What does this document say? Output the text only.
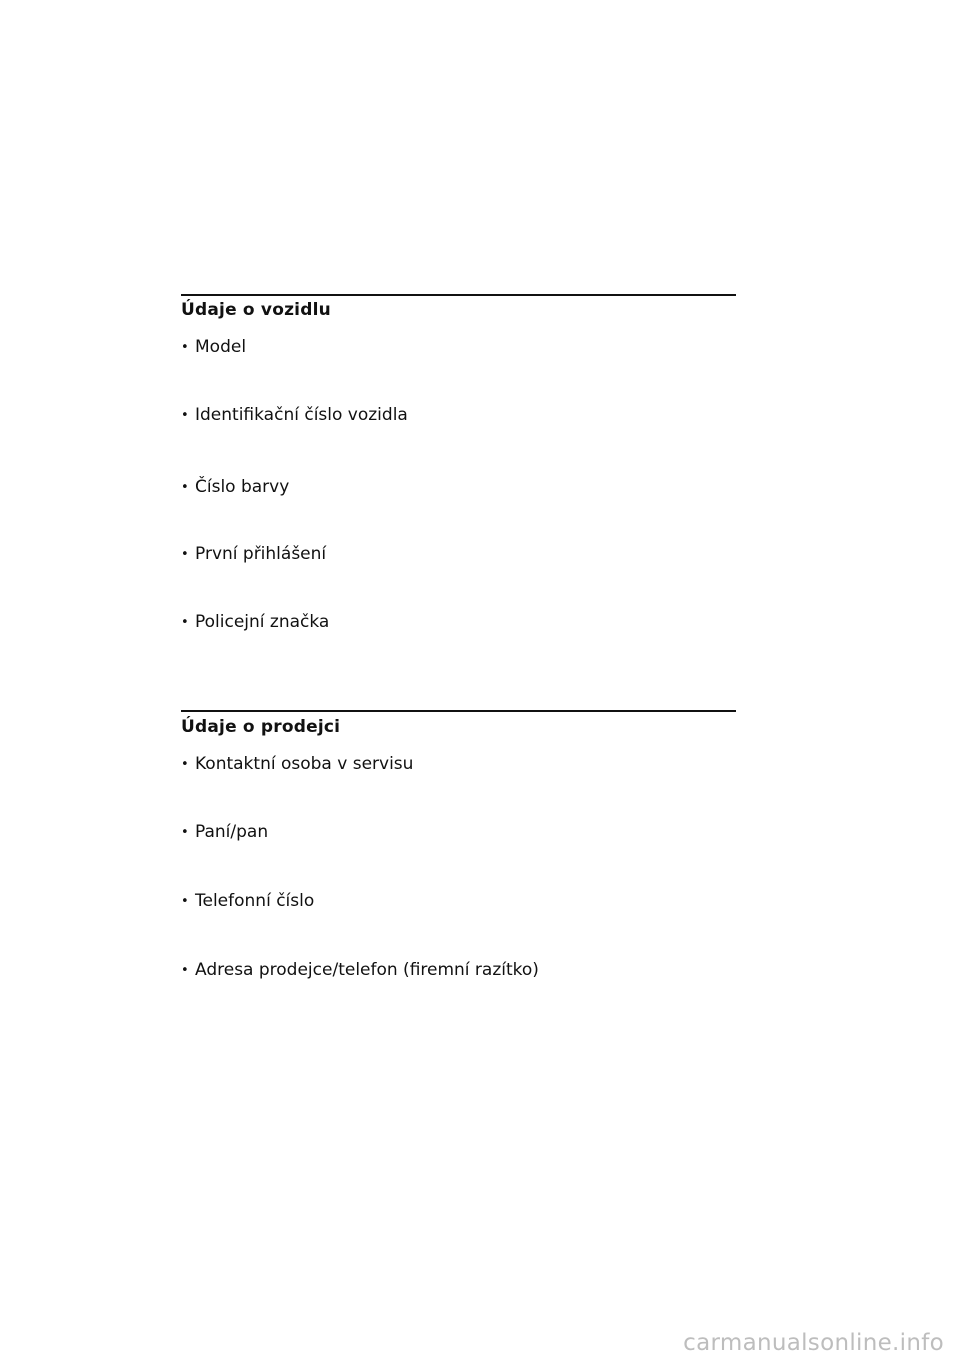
Údaje o vozidlu
•Model
•Identifikační číslo vozidla
•Číslo barvy
•První přihlášení
•Policejní značka
Údaje o prodejci
•Kontaktní osoba v servisu
•Paní/pan
•Telefonní číslo
•Adresa prodejce/telefon (firemní razítko)
carmanualsonline.info
